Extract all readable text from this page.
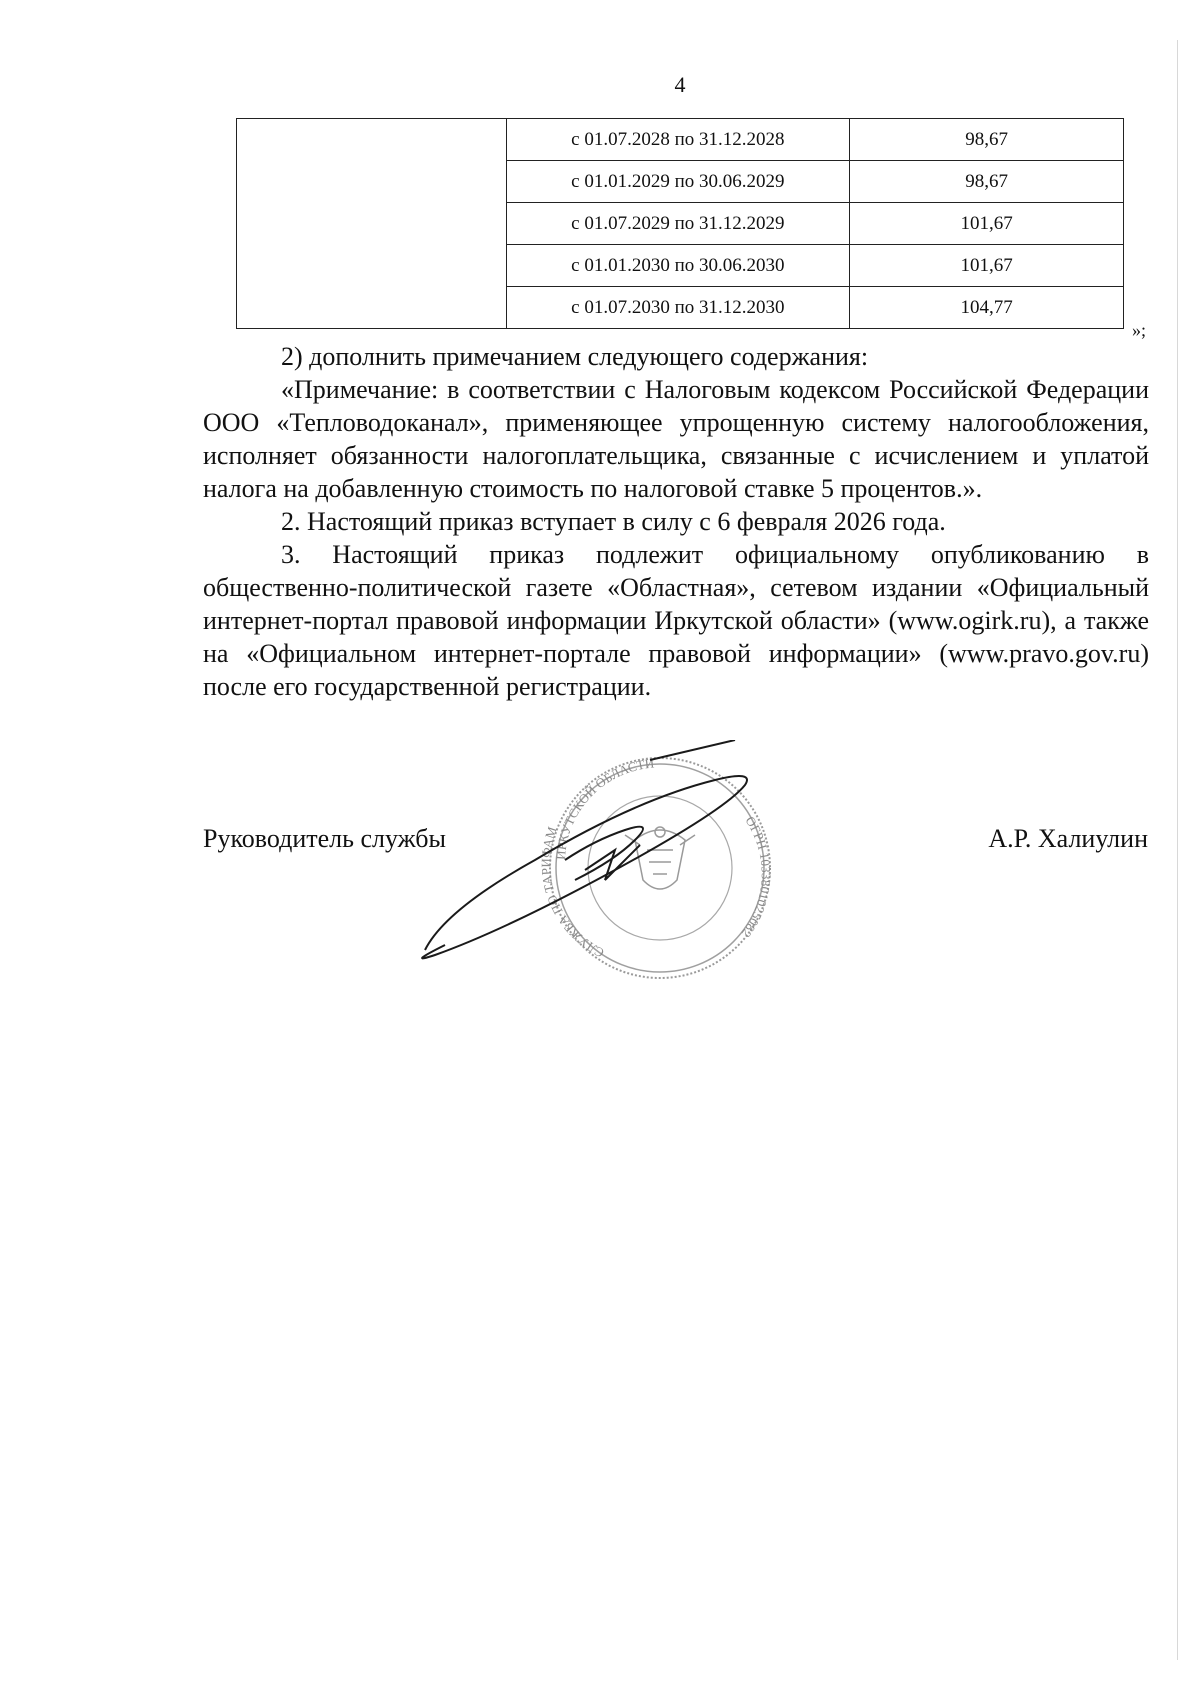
4
	с 01.07.2028 по 31.12.2028	98,67
	с 01.01.2029 по 30.06.2029	98,67
	с 01.07.2029 по 31.12.2029	101,67
	с 01.01.2030 по 30.06.2030	101,67
	с 01.07.2030 по 31.12.2030	104,77
»;

2) дополнить примечанием следующего содержания:

«Примечание: в соответствии с Налоговым кодексом Российской Федерации ООО «Тепловодоканал», применяющее упрощенную систему налогообложения, исполняет обязанности налогоплательщика, связанные с исчислением и уплатой налога на добавленную стоимость по налоговой ставке 5 процентов.».

2. Настоящий приказ вступает в силу с 6 февраля 2026 года.

3. Настоящий приказ подлежит официальному опубликованию в общественно-политической газете «Областная», сетевом издании «Официальный интернет-портал правовой информации Иркутской области» (www.ogirk.ru), а также на «Официальном интернет-портале правовой информации» (www.pravo.gov.ru) после его государственной регистрации.

Руководитель службы	А.Р. Халиулин
ИРКУТСКОЙ ОБЛАСТИ
СЛУЖБА ПО ТАРИФАМ
ОГРН 1033801025082
